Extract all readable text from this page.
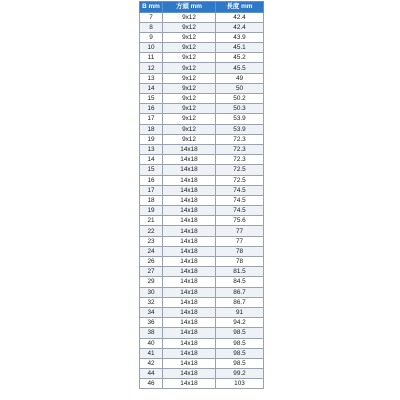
B mm	方頭 mm	長度 mm
7	9x12	42.4
8	9x12	42.4
9	9x12	43.9
10	9x12	45.1
11	9x12	45.2
12	9x12	45.5
13	9x12	49
14	9x12	50
15	9x12	50.2
16	9x12	50.3
17	9x12	53.9
18	9x12	53.9
19	9x12	72.3
13	14x18	72.3
14	14x18	72.3
15	14x18	72.5
16	14x18	72.5
17	14x18	74.5
18	14x18	74.5
19	14x18	74.5
21	14x18	75.6
22	14x18	77
23	14x18	77
24	14x18	78
26	14x18	78
27	14x18	81.5
29	14x18	84.5
30	14x18	86.7
32	14x18	86.7
34	14x18	91
36	14x18	94.2
38	14x18	98.5
40	14x18	98.5
41	14x18	98.5
42	14x18	98.5
44	14x18	99.2
46	14x18	103
